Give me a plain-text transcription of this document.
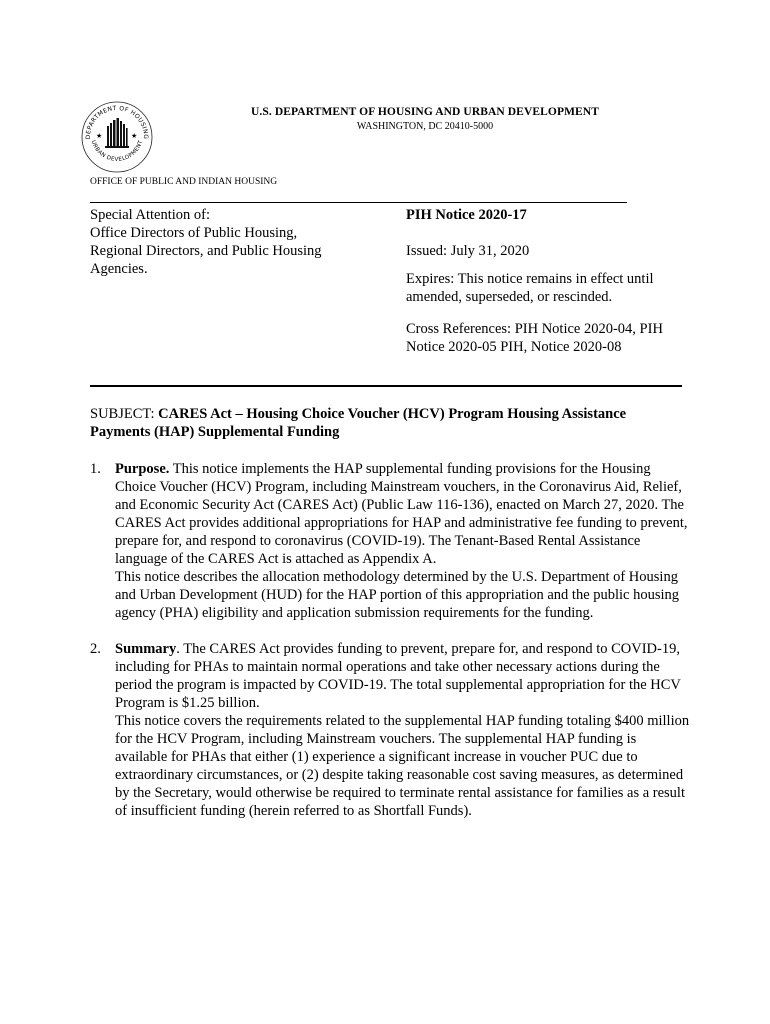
DEPARTMENT OF HOUSING
URBAN DEVELOPMENT
★	★
U.S. DEPARTMENT OF HOUSING AND URBAN DEVELOPMENT
WASHINGTON, DC 20410-5000
OFFICE OF PUBLIC AND INDIAN HOUSING
Special Attention of:
Office Directors of Public Housing,
Regional Directors, and Public Housing
Agencies.

PIH Notice 2020-17

Issued: July 31, 2020

Expires: This notice remains in effect until

amended, superseded, or rescinded.

Cross References: PIH Notice 2020-04, PIH

Notice 2020-05 PIH, Notice 2020-08

SUBJECT: CARES Act – Housing Choice Voucher (HCV) Program Housing Assistance Payments (HAP) Supplemental Funding
1. Purpose. This notice implements the HAP supplemental funding provisions for the Housing Choice Voucher (HCV) Program, including Mainstream vouchers, in the Coronavirus Aid, Relief, and Economic Security Act (CARES Act) (Public Law 116-136), enacted on March 27, 2020. The CARES Act provides additional appropriations for HAP and administrative fee funding to prevent, prepare for, and respond to coronavirus (COVID-19). The Tenant-Based Rental Assistance language of the CARES Act is attached as Appendix A.

This notice describes the allocation methodology determined by the U.S. Department of Housing and Urban Development (HUD) for the HAP portion of this appropriation and the public housing agency (PHA) eligibility and application submission requirements for the funding.

2. Summary. The CARES Act provides funding to prevent, prepare for, and respond to COVID-19, including for PHAs to maintain normal operations and take other necessary actions during the period the program is impacted by COVID-19. The total supplemental appropriation for the HCV Program is $1.25 billion.

This notice covers the requirements related to the supplemental HAP funding totaling $400 million for the HCV Program, including Mainstream vouchers. The supplemental HAP funding is available for PHAs that either (1) experience a significant increase in voucher PUC due to extraordinary circumstances, or (2) despite taking reasonable cost saving measures, as determined by the Secretary, would otherwise be required to terminate rental assistance for families as a result of insufficient funding (herein referred to as Shortfall Funds).
